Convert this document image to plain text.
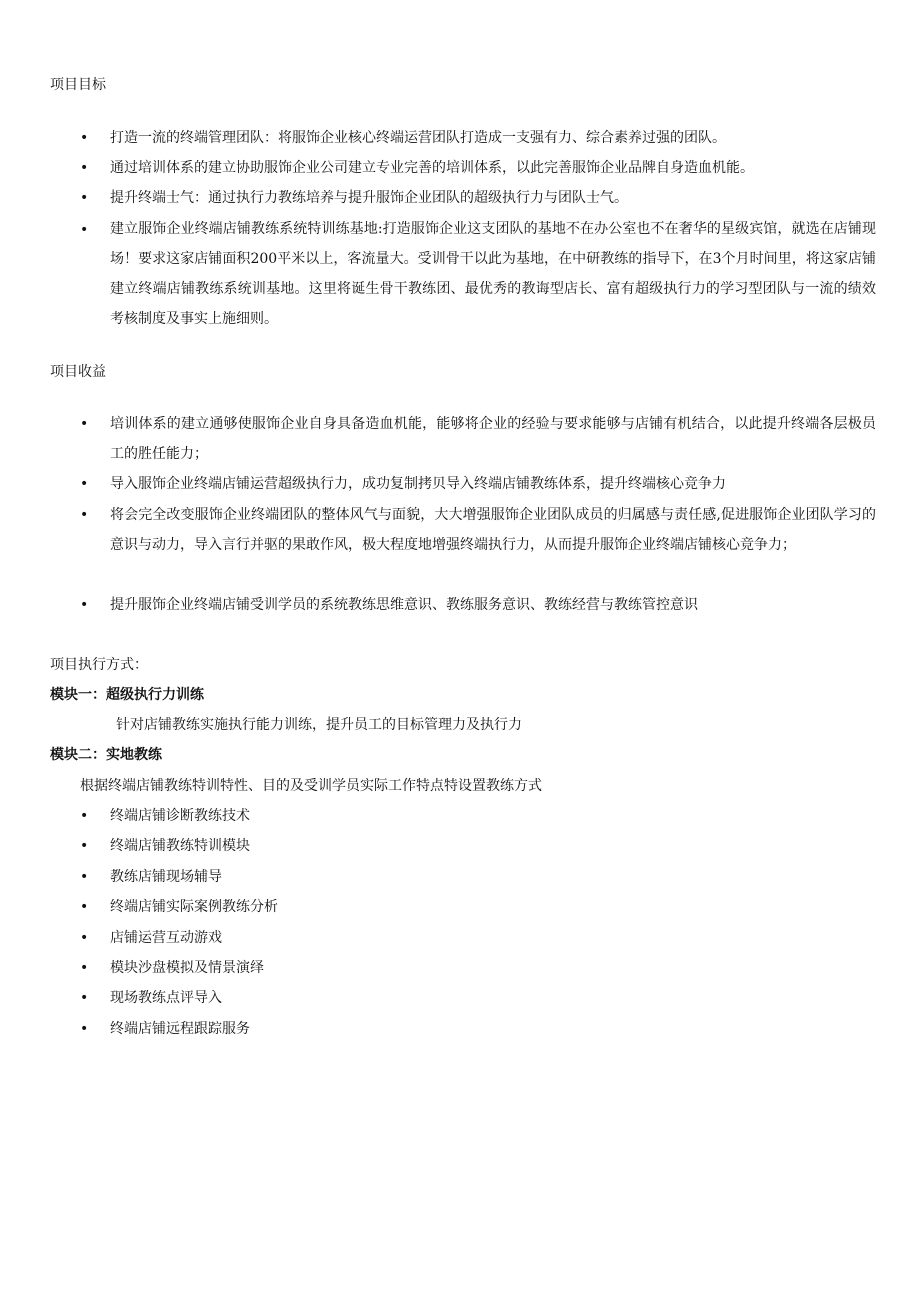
项目目标
• 打造一流的终端管理团队：将服饰企业核心终端运营团队打造成一支强有力、综合素养过强的团队。

• 通过培训体系的建立协助服饰企业公司建立专业完善的培训体系，以此完善服饰企业品牌自身造血机能。

• 提升终端士气：通过执行力教练培养与提升服饰企业团队的超级执行力与团队士气。

• 建立服饰企业终端店铺教练系统特训练基地:打造服饰企业这支团队的基地不在办公室也不在奢华的星级宾馆，就选在店铺现场！要求这家店铺面积200平米以上，客流量大。受训骨干以此为基地，在中研教练的指导下，在3个月时间里，将这家店铺建立终端店铺教练系统训基地。这里将诞生骨干教练团、最优秀的教诲型店长、富有超级执行力的学习型团队与一流的绩效考核制度及事实上施细则。

项目收益
• 培训体系的建立通够使服饰企业自身具备造血机能，能够将企业的经验与要求能够与店铺有机结合，以此提升终端各层极员工的胜任能力；

• 导入服饰企业终端店铺运营超级执行力，成功复制拷贝导入终端店铺教练体系，提升终端核心竞争力

• 将会完全改变服饰企业终端团队的整体风气与面貌，大大增强服饰企业团队成员的归属感与责任感,促进服饰企业团队学习的意识与动力，导入言行并驱的果敢作风，极大程度地增强终端执行力，从而提升服饰企业终端店铺核心竞争力；

• 提升服饰企业终端店铺受训学员的系统教练思维意识、教练服务意识、教练经营与教练管控意识

项目执行方式：
模块一：超级执行力训练

针对店铺教练实施执行能力训练，提升员工的目标管理力及执行力

模块二：实地教练

根据终端店铺教练特训特性、目的及受训学员实际工作特点特设置教练方式

• 终端店铺诊断教练技术

• 终端店铺教练特训模块

• 教练店铺现场辅导

• 终端店铺实际案例教练分析

• 店铺运营互动游戏

• 模块沙盘模拟及情景演绎

• 现场教练点评导入

• 终端店铺远程跟踪服务
